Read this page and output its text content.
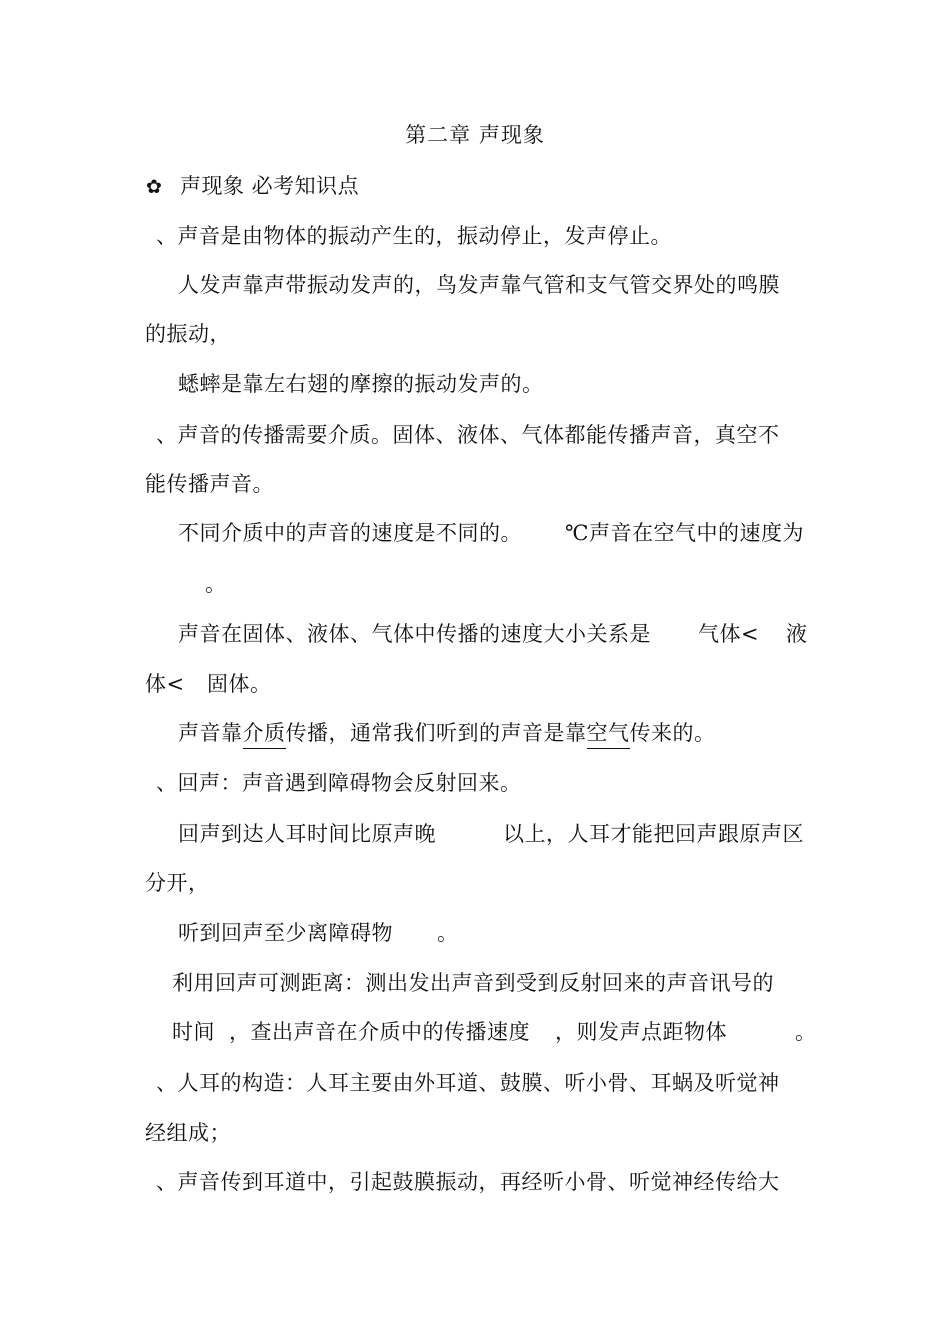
第二章 声现象
✿ 声现象 必考知识点
、声音是由物体的振动产生的，振动停止，发声停止。
人发声靠声带振动发声的，鸟发声靠气管和支气管交界处的鸣膜
的振动，
蟋蟀是靠左右翅的摩擦的振动发声的。
、声音的传播需要介质。固体、液体、气体都能传播声音，真空不
能传播声音。
不同介质中的声音的速度是不同的。 ℃声音在空气中的速度为
。
声音在固体、液体、气体中传播的速度大小关系是 气体< 液
体< 固体。
声音靠介质传播，通常我们听到的声音是靠空气传来的。
、回声：声音遇到障碍物会反射回来。
回声到达人耳时间比原声晚	以上，人耳才能把回声跟原声区
分开，
听到回声至少离障碍物 。
利用回声可测距离：测出发出声音到受到反射回来的声音讯号的
时间 ，查出声音在介质中的传播速度 ，则发声点距物体	。
、人耳的构造：人耳主要由外耳道、鼓膜、听小骨、耳蜗及听觉神
经组成；
、声音传到耳道中，引起鼓膜振动，再经听小骨、听觉神经传给大
